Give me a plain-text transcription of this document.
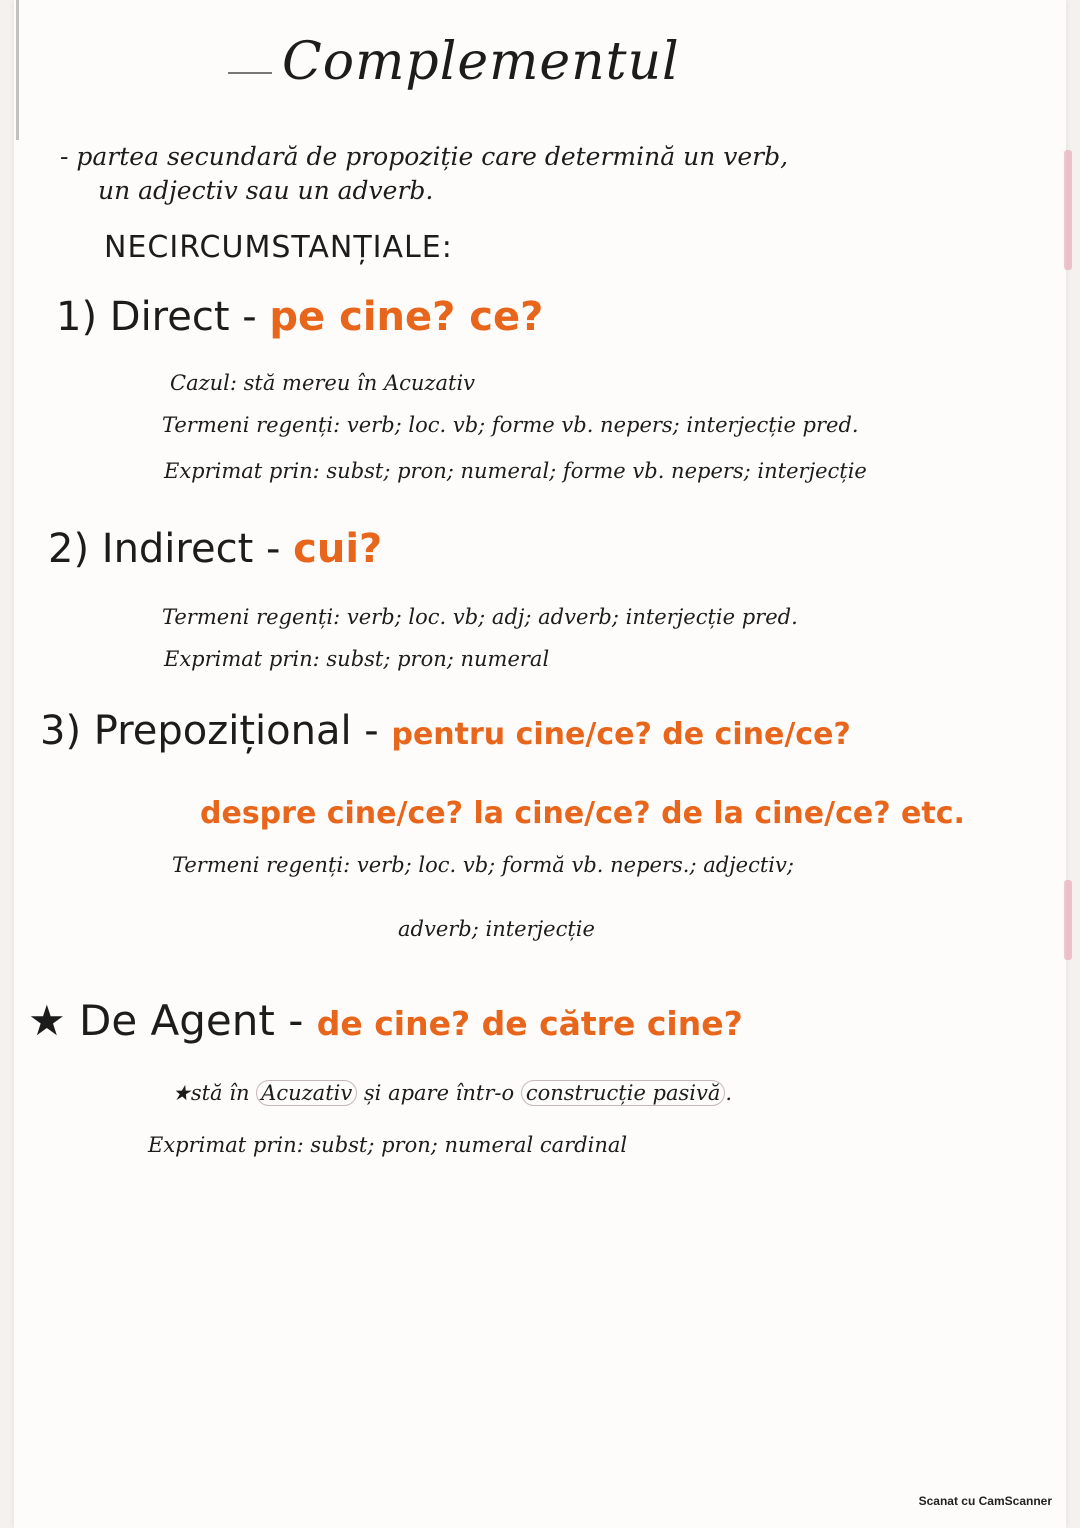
Complementul
- partea secundară de propoziție care determină un verb,
un adjectiv sau un adverb.
NECIRCUMSTANȚIALE:
1) Direct - pe cine? ce?
Cazul: stă mereu în Acuzativ
Termeni regenți: verb; loc. vb; forme vb. nepers; interjecție pred.
Exprimat prin: subst; pron; numeral; forme vb. nepers; interjecție
2) Indirect - cui?
Termeni regenți: verb; loc. vb; adj; adverb; interjecție pred.
Exprimat prin: subst; pron; numeral
3) Prepozițional - pentru cine/ce? de cine/ce?
despre cine/ce? la cine/ce? de la cine/ce? etc.
Termeni regenți: verb; loc. vb; formă vb. nepers.; adjectiv;
adverb; interjecție
★ De Agent - de cine? de către cine?
★stă în Acuzativ și apare într-o construcție pasivă .
Exprimat prin: subst; pron; numeral cardinal
Scanat cu CamScanner
